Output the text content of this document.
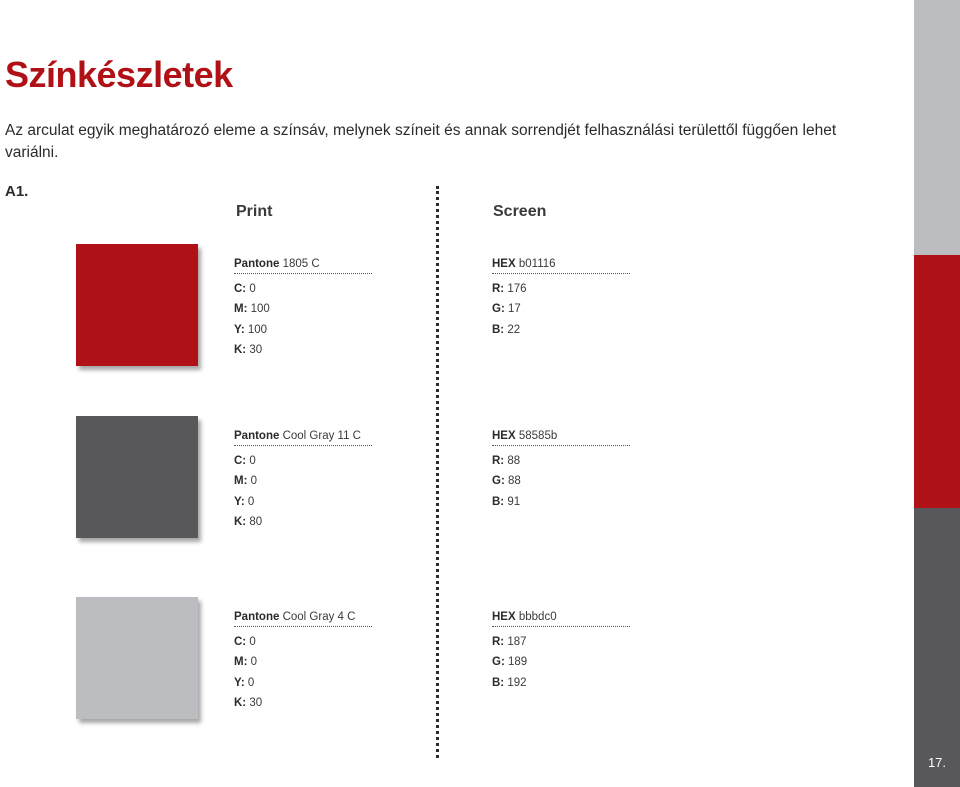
Színkészletek
Az arculat egyik meghatározó eleme a színsáv, melynek színeit és annak sorrendjét felhasználási területtől függően lehet variálni.
A1.
Print	Screen
Pantone 1805 C
C: 0
M: 100
Y: 100
K: 30
HEX b01116
R: 176
G: 17
B: 22
Pantone Cool Gray 11 C
C: 0
M: 0
Y: 0
K: 80
HEX 58585b
R: 88
G: 88
B: 91
Pantone Cool Gray 4 C
C: 0
M: 0
Y: 0
K: 30
HEX bbbdc0
R: 187
G: 189
B: 192
17.
